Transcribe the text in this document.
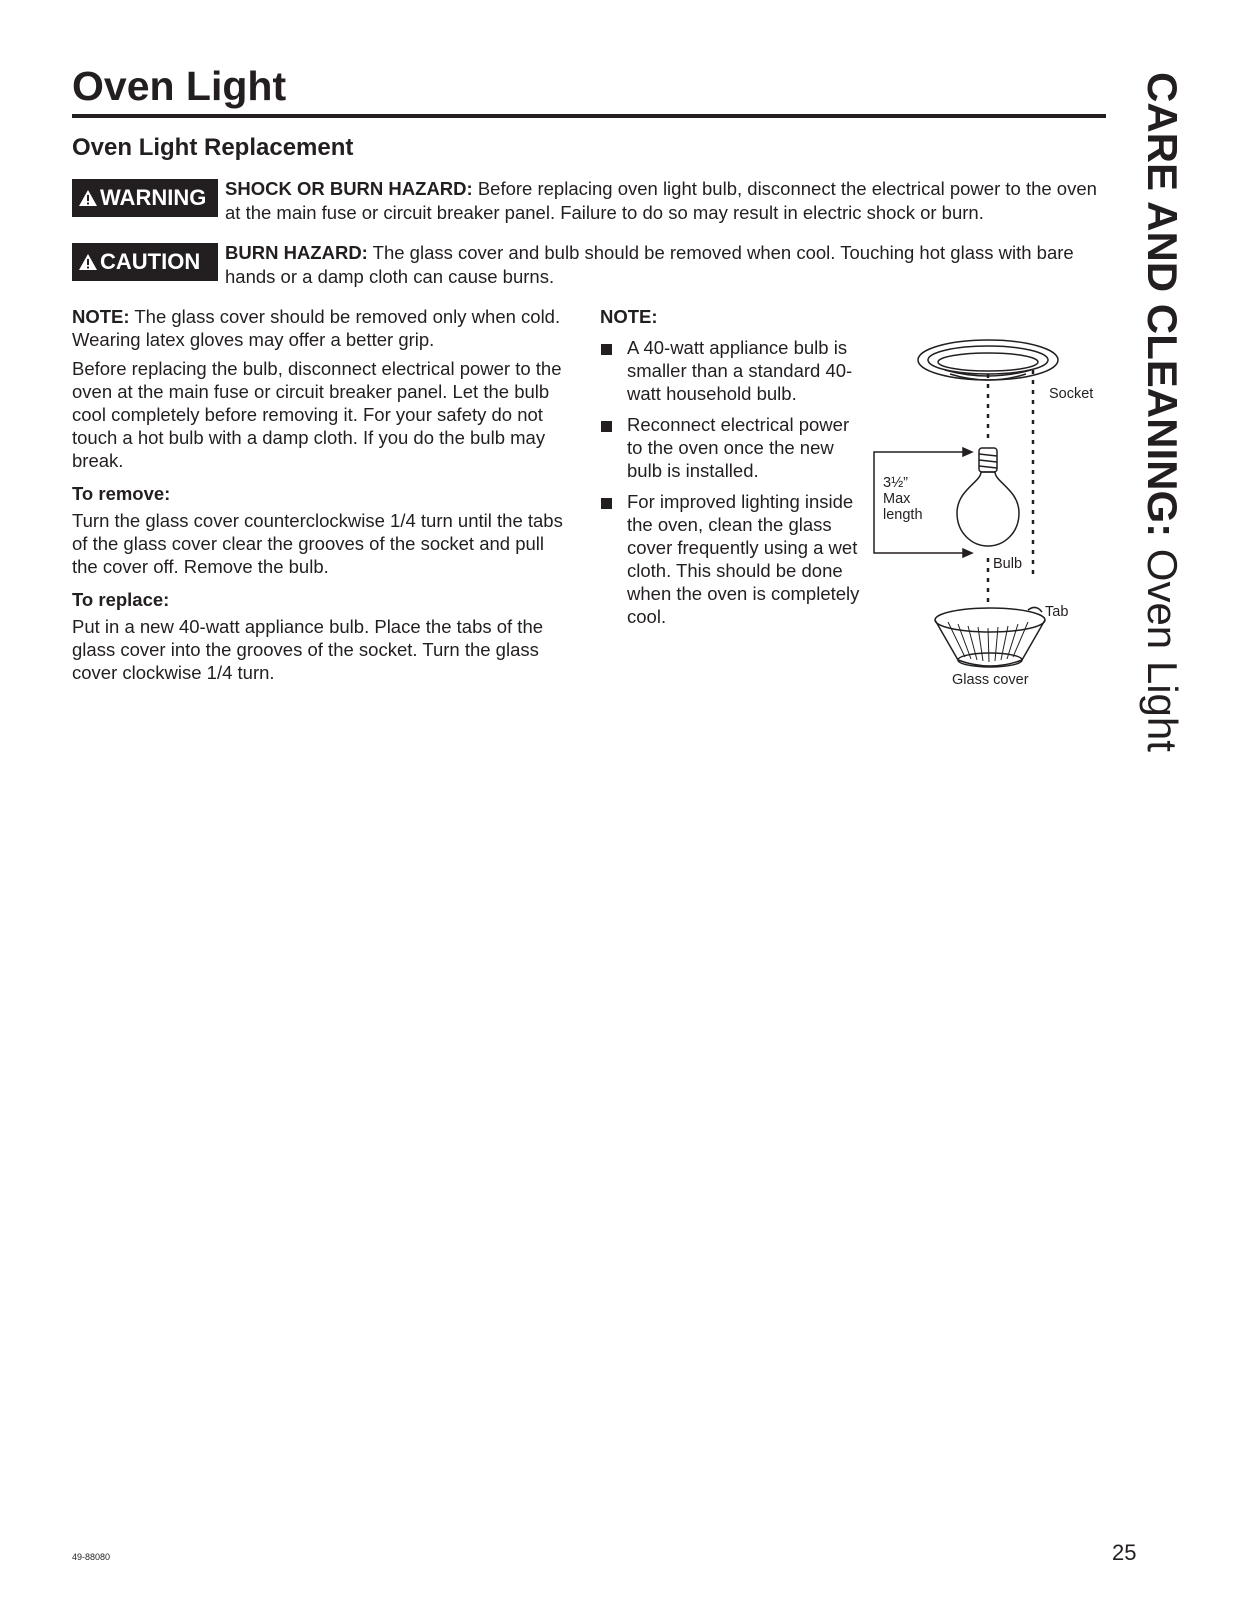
Oven Light
Oven Light Replacement
WARNING SHOCK OR BURN HAZARD: Before replacing oven light bulb, disconnect the electrical power to the oven at the main fuse or circuit breaker panel. Failure to do so may result in electric shock or burn.
CAUTION BURN HAZARD: The glass cover and bulb should be removed when cool. Touching hot glass with bare hands or a damp cloth can cause burns.

NOTE: The glass cover should be removed only when cold. Wearing latex gloves may offer a better grip.

Before replacing the bulb, disconnect electrical power to the oven at the main fuse or circuit breaker panel. Let the bulb cool completely before removing it. For your safety do not touch a hot bulb with a damp cloth. If you do the bulb may break.

To remove:

Turn the glass cover counterclockwise 1/4 turn until the tabs of the glass cover clear the grooves of the socket and pull the cover off. Remove the bulb.

To replace:

Put in a new 40-watt appliance bulb. Place the tabs of the glass cover into the grooves of the socket. Turn the glass cover clockwise 1/4 turn.

NOTE:
A 40-watt appliance bulb is smaller than a standard 40-watt household bulb.
Reconnect electrical power to the oven once the new bulb is installed.
For improved lighting inside the oven, clean the glass cover frequently using a wet cloth. This should be done when the oven is completely cool.
Socket
3½”
Max
length
Bulb
Tab
Glass cover
CARE AND CLEANING: Oven Light
49-88080	25
